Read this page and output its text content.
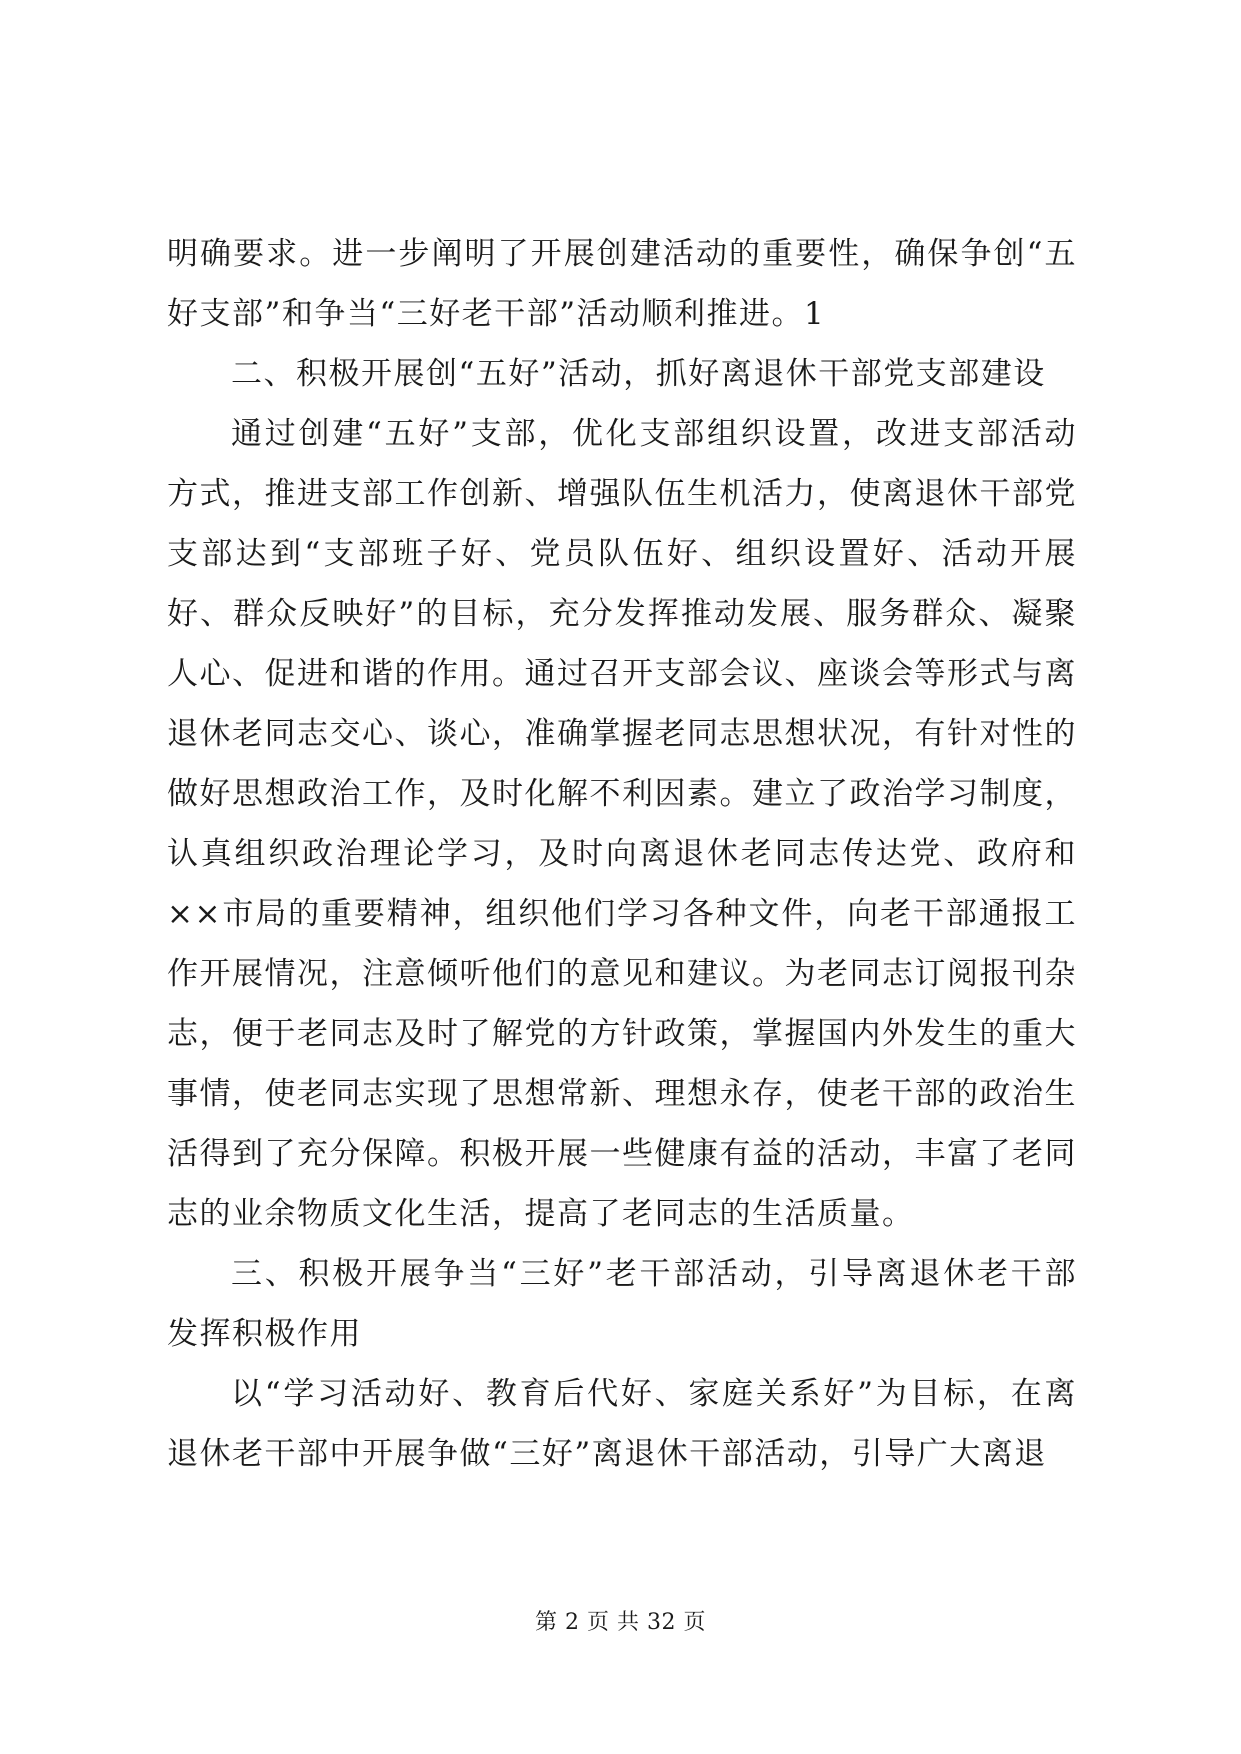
明确要求。进一步阐明了开展创建活动的重要性，确保争创“五好支部”和争当“三好老干部”活动顺利推进。1

二、积极开展创“五好”活动，抓好离退休干部党支部建设

通过创建“五好”支部，优化支部组织设置，改进支部活动方式，推进支部工作创新、增强队伍生机活力，使离退休干部党支部达到“支部班子好、党员队伍好、组织设置好、活动开展好、群众反映好”的目标，充分发挥推动发展、服务群众、凝聚人心、促进和谐的作用。通过召开支部会议、座谈会等形式与离退休老同志交心、谈心，准确掌握老同志思想状况，有针对性的做好思想政治工作，及时化解不利因素。建立了政治学习制度，认真组织政治理论学习，及时向离退休老同志传达党、政府和××市局的重要精神，组织他们学习各种文件，向老干部通报工作开展情况，注意倾听他们的意见和建议。为老同志订阅报刊杂志，便于老同志及时了解党的方针政策，掌握国内外发生的重大事情，使老同志实现了思想常新、理想永存，使老干部的政治生活得到了充分保障。积极开展一些健康有益的活动，丰富了老同志的业余物质文化生活，提高了老同志的生活质量。

三、积极开展争当“三好”老干部活动，引导离退休老干部发挥积极作用

以“学习活动好、教育后代好、家庭关系好”为目标，在离退休老干部中开展争做“三好”离退休干部活动，引导广大离退

第 2 页 共 32 页
